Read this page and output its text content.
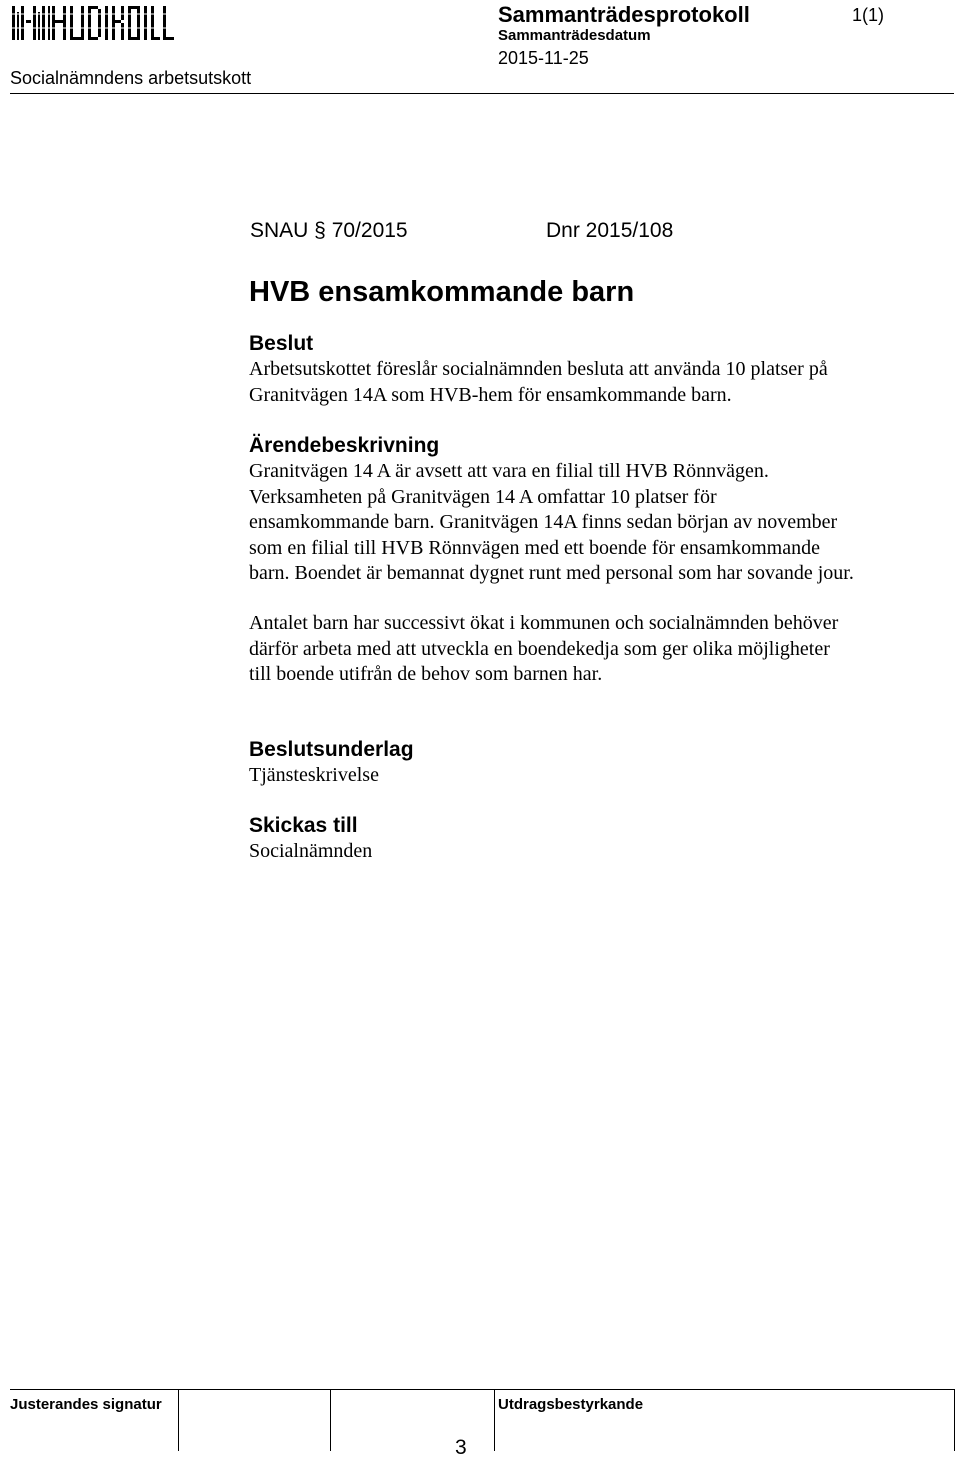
Sammanträdesprotokoll	1(1)
Sammanträdesdatum
2015-11-25
Socialnämndens arbetsutskott
SNAU § 70/2015	Dnr 2015/108
HVB ensamkommande barn
Beslut
Arbetsutskottet föreslår socialnämnden besluta att använda 10 platser på
Granitvägen 14A som HVB-hem för ensamkommande barn.
Ärendebeskrivning
Granitvägen 14 A är avsett att vara en filial till HVB Rönnvägen.
Verksamheten på Granitvägen 14 A omfattar 10 platser för
ensamkommande barn. Granitvägen 14A finns sedan början av november
som en filial till HVB Rönnvägen med ett boende för ensamkommande
barn. Boendet är bemannat dygnet runt med personal som har sovande jour.
Antalet barn har successivt ökat i kommunen och socialnämnden behöver
därför arbeta med att utveckla en boendekedja som ger olika möjligheter
till boende utifrån de behov som barnen har.
Beslutsunderlag
Tjänsteskrivelse
Skickas till
Socialnämnden
Justerandes signatur	Utdragsbestyrkande
3
